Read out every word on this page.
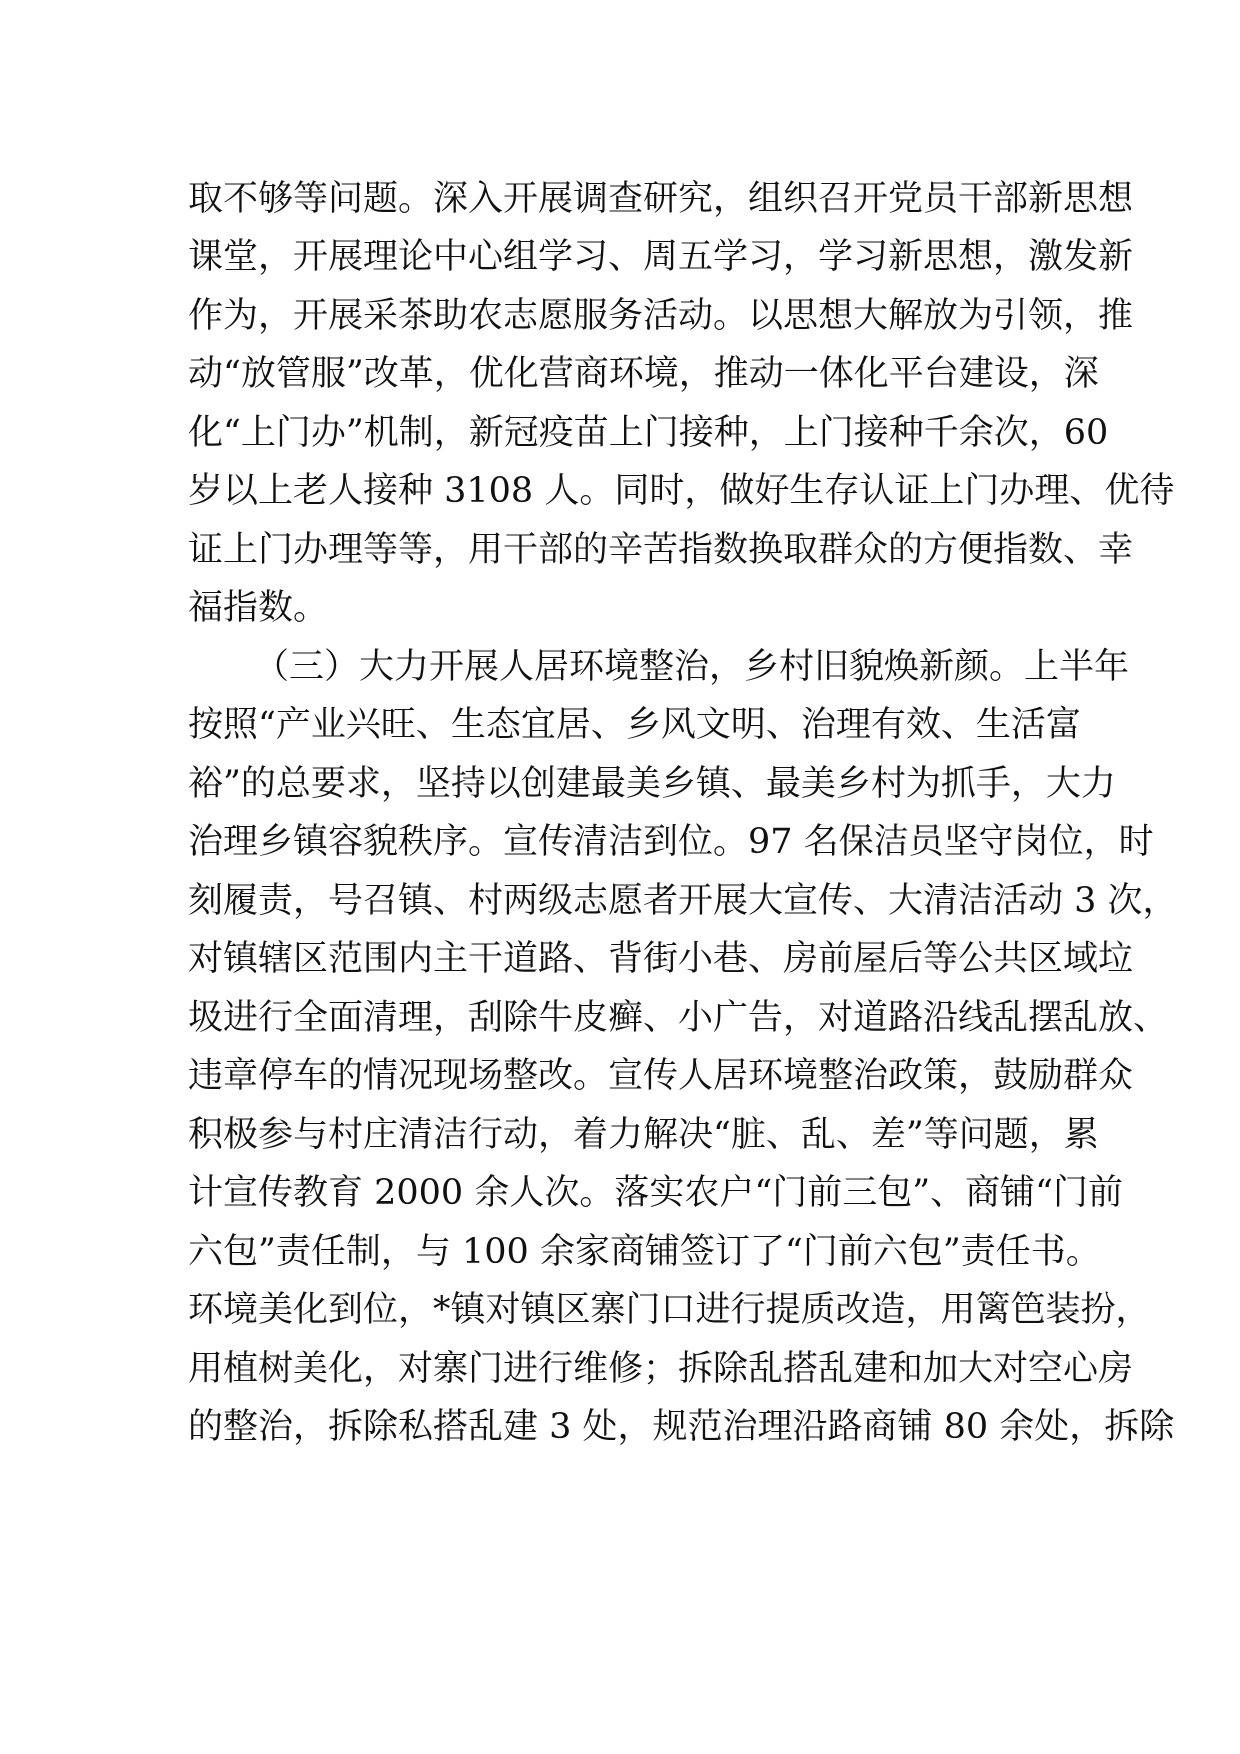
取不够等问题。深入开展调查研究，组织召开党员干部新思想
课堂，开展理论中心组学习、周五学习，学习新思想，激发新
作为，开展采茶助农志愿服务活动。以思想大解放为引领，推
动“放管服”改革，优化营商环境，推动一体化平台建设，深
化“上门办”机制，新冠疫苗上门接种，上门接种千余次，60
岁以上老人接种 3108 人。同时，做好生存认证上门办理、优待
证上门办理等等，用干部的辛苦指数换取群众的方便指数、幸
福指数。
（三）大力开展人居环境整治，乡村旧貌焕新颜。上半年
按照“产业兴旺、生态宜居、乡风文明、治理有效、生活富
裕”的总要求，坚持以创建最美乡镇、最美乡村为抓手，大力
治理乡镇容貌秩序。宣传清洁到位。97 名保洁员坚守岗位，时
刻履责，号召镇、村两级志愿者开展大宣传、大清洁活动 3 次，
对镇辖区范围内主干道路、背街小巷、房前屋后等公共区域垃
圾进行全面清理，刮除牛皮癣、小广告，对道路沿线乱摆乱放、
违章停车的情况现场整改。宣传人居环境整治政策，鼓励群众
积极参与村庄清洁行动，着力解决“脏、乱、差”等问题，累
计宣传教育 2000 余人次。落实农户“门前三包”、商铺“门前
六包”责任制，与 100 余家商铺签订了“门前六包”责任书。
环境美化到位，*镇对镇区寨门口进行提质改造，用篱笆装扮，
用植树美化，对寨门进行维修；拆除乱搭乱建和加大对空心房
的整治，拆除私搭乱建 3 处，规范治理沿路商铺 80 余处，拆除
